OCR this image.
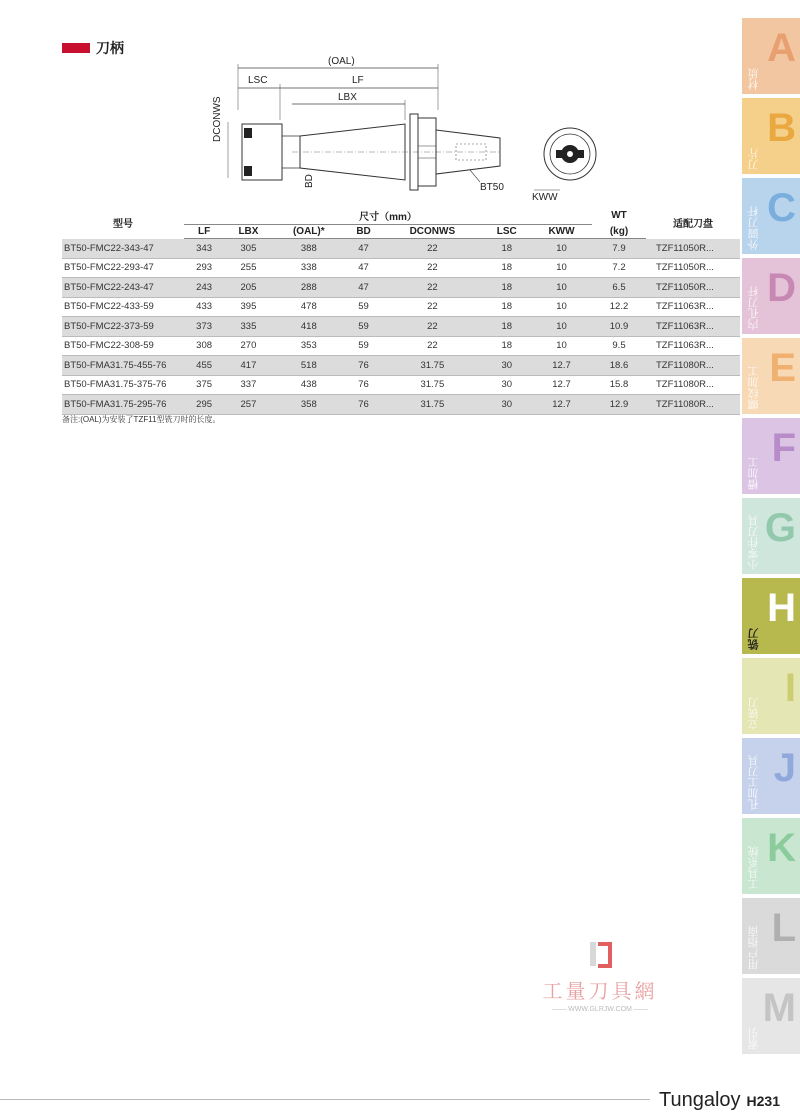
刀柄
(OAL)
LSC	LF
LBX
DCONWS
BD	BT50
KWW
型号	尺寸（mm）							WT	适配刀盘
	LF	LBX	(OAL)*	BD	DCONWS	LSC	KWW	(kg)	
BT50-FMC22-343-47	343	305	388	47	22	18	10	7.9	TZF11050R...
BT50-FMC22-293-47	293	255	338	47	22	18	10	7.2	TZF11050R...
BT50-FMC22-243-47	243	205	288	47	22	18	10	6.5	TZF11050R...
BT50-FMC22-433-59	433	395	478	59	22	18	10	12.2	TZF11063R...
BT50-FMC22-373-59	373	335	418	59	22	18	10	10.9	TZF11063R...
BT50-FMC22-308-59	308	270	353	59	22	18	10	9.5	TZF11063R...
BT50-FMA31.75-455-76	455	417	518	76	31.75	30	12.7	18.6	TZF11080R...
BT50-FMA31.75-375-76	375	337	438	76	31.75	30	12.7	15.8	TZF11080R...
BT50-FMA31.75-295-76	295	257	358	76	31.75	30	12.7	12.9	TZF11080R...
备注:(OAL)为安装了TZF11型铣刀时的长度。
材质
A
刀片
B
外圆刀杆 C
内孔刀杆 D
螺纹加工 E
槽加工
F
小零件刀具 G
铣刀
H
立铣刀
I
孔加工刀具 J
工具系统 K
用户指南 L
索引
M
工量刀具網
—— WWW.GLRJW.COM ——
Tungaloy H231
